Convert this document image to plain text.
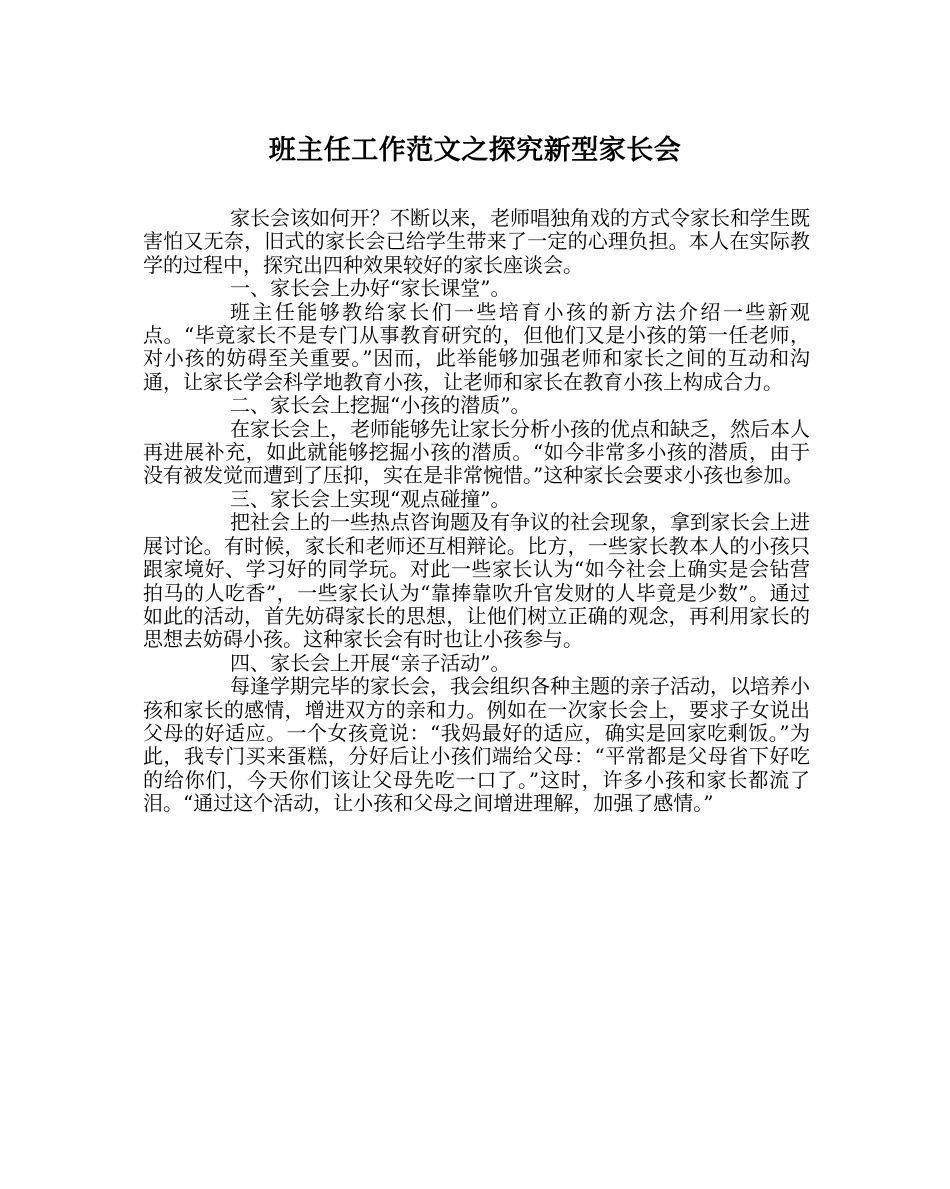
班主任工作范文之探究新型家长会

家长会该如何开？不断以来，老师唱独角戏的方式令家长和学生既害怕又无奈，旧式的家长会已给学生带来了一定的心理负担。本人在实际教学的过程中，探究出四种效果较好的家长座谈会。

一、家长会上办好“家长课堂”。

班主任能够教给家长们一些培育小孩的新方法介绍一些新观点。“毕竟家长不是专门从事教育研究的，但他们又是小孩的第一任老师，对小孩的妨碍至关重要。”因而，此举能够加强老师和家长之间的互动和沟通，让家长学会科学地教育小孩，让老师和家长在教育小孩上构成合力。

二、家长会上挖掘“小孩的潜质”。

在家长会上，老师能够先让家长分析小孩的优点和缺乏，然后本人再进展补充，如此就能够挖掘小孩的潜质。“如今非常多小孩的潜质，由于没有被发觉而遭到了压抑，实在是非常惋惜。”这种家长会要求小孩也参加。

三、家长会上实现“观点碰撞”。

把社会上的一些热点咨询题及有争议的社会现象，拿到家长会上进展讨论。有时候，家长和老师还互相辩论。比方，一些家长教本人的小孩只跟家境好、学习好的同学玩。对此一些家长认为“如今社会上确实是会钻营拍马的人吃香”，一些家长认为“靠捧靠吹升官发财的人毕竟是少数”。通过如此的活动，首先妨碍家长的思想，让他们树立正确的观念，再利用家长的思想去妨碍小孩。这种家长会有时也让小孩参与。

四、家长会上开展“亲子活动”。

每逢学期完毕的家长会，我会组织各种主题的亲子活动，以培养小孩和家长的感情，增进双方的亲和力。例如在一次家长会上，要求子女说出父母的好适应。一个女孩竟说：“我妈最好的适应，确实是回家吃剩饭。”为此，我专门买来蛋糕，分好后让小孩们端给父母：“平常都是父母省下好吃的给你们，今天你们该让父母先吃一口了。”这时，许多小孩和家长都流了泪。“通过这个活动，让小孩和父母之间增进理解，加强了感情。”
